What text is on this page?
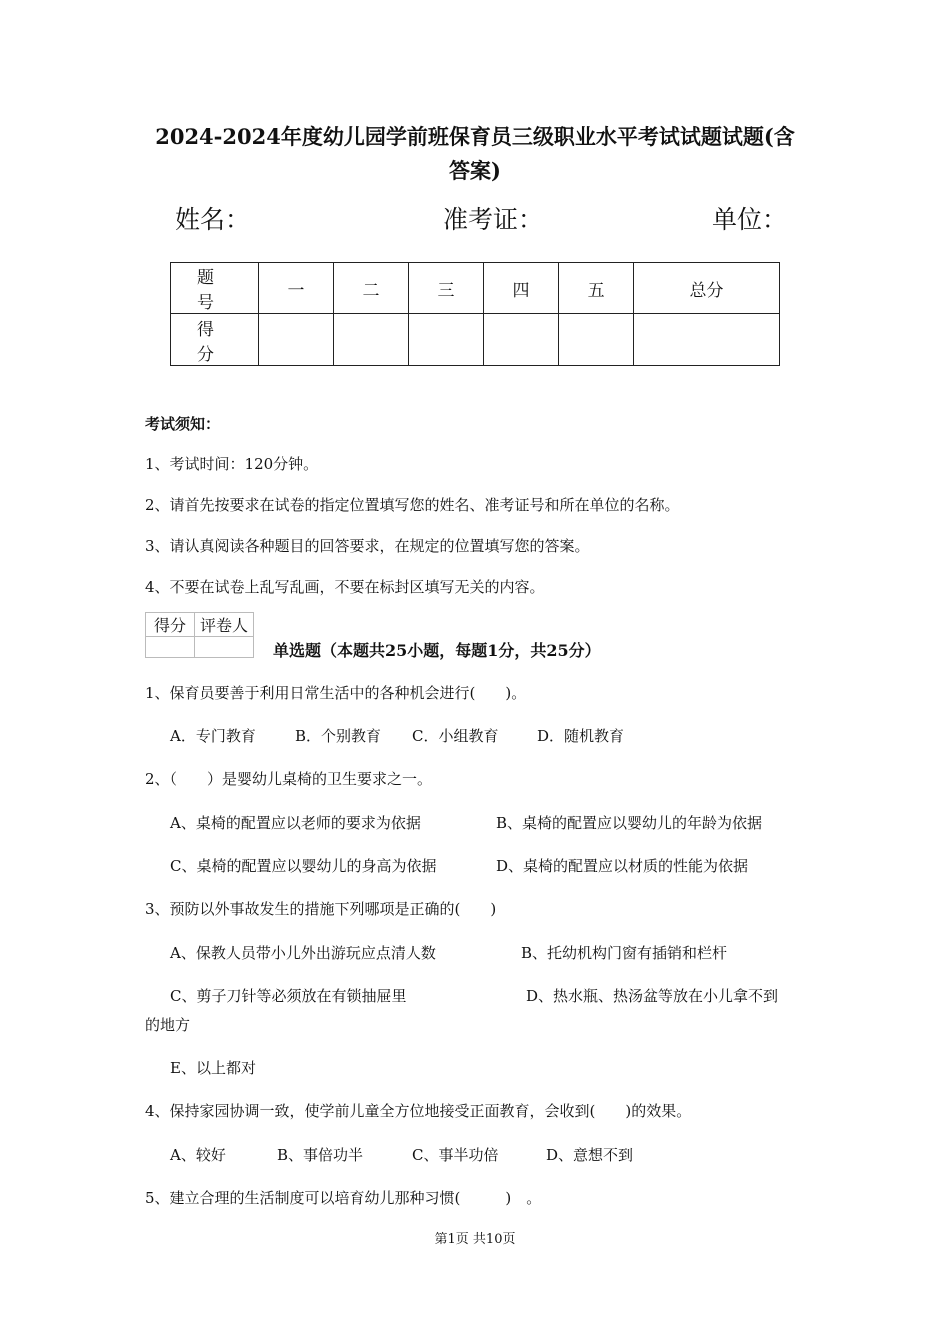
2024-2024年度幼儿园学前班保育员三级职业水平考试试题试题(含
答案)
姓名：	准考证：	单位：
题 号	一	二	三	四	五	总分
得 分						
考试须知：
1、考试时间：120分钟。
2、请首先按要求在试卷的指定位置填写您的姓名、准考证号和所在单位的名称。
3、请认真阅读各种题目的回答要求，在规定的位置填写您的答案。
4、不要在试卷上乱写乱画，不要在标封区填写无关的内容。
得分	评卷人

单选题（本题共25小题，每题1分，共25分）
1、保育员要善于利用日常生活中的各种机会进行(　　)。
A．专门教育	B．个别教育 C．小组教育	D．随机教育
2、（　　）是婴幼儿桌椅的卫生要求之一。
A、桌椅的配置应以老师的要求为依据	B、桌椅的配置应以婴幼儿的年龄为依据
C、桌椅的配置应以婴幼儿的身高为依据	D、桌椅的配置应以材质的性能为依据
3、预防以外事故发生的措施下列哪项是正确的(　　)
A、保教人员带小儿外出游玩应点清人数	B、托幼机构门窗有插销和栏杆
C、剪子刀针等必须放在有锁抽屉里	D、热水瓶、热汤盆等放在小儿拿不到
的地方
E、以上都对
4、保持家园协调一致，使学前儿童全方位地接受正面教育，会收到(　　)的效果。
A、较好	B、事倍功半	C、事半功倍	D、意想不到
5、建立合理的生活制度可以培育幼儿那种习惯(　　　)　。
第1页 共10页
